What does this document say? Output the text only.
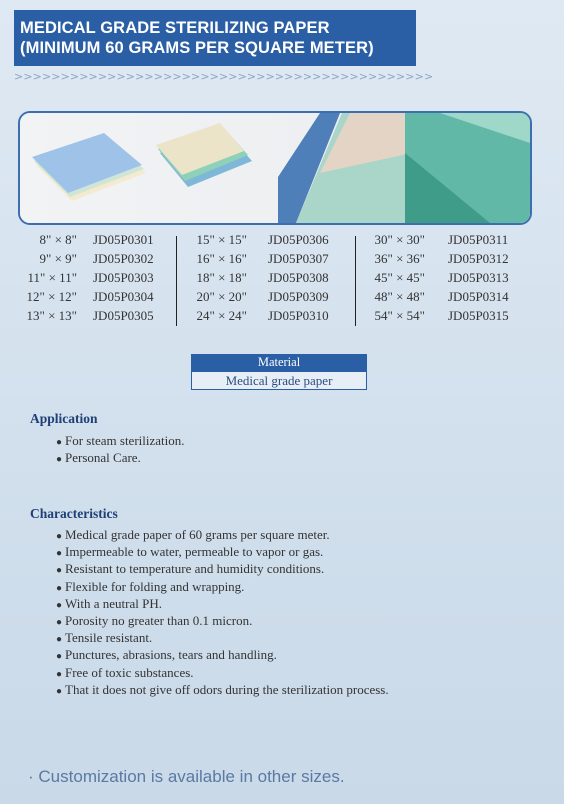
MEDICAL GRADE STERILIZING PAPER
(MINIMUM 60 GRAMS PER SQUARE METER)
>>>>>>>>>>>>>>>>>>>>>>>>>>>>>>>>>>>>>>>>>>>>>
8" × 8" JD05P0301
9" × 9" JD05P0302
11" × 11" JD05P0303
12" × 12" JD05P0304
13" × 13" JD05P0305
15" × 15" JD05P0306
16" × 16" JD05P0307
18" × 18" JD05P0308
20" × 20" JD05P0309
24" × 24" JD05P0310
30" × 30" JD05P0311
36" × 36" JD05P0312
45" × 45" JD05P0313
48" × 48" JD05P0314
54" × 54" JD05P0315
Material
Medical grade paper
Application
● For steam sterilization.
● Personal Care.
Characteristics
● Medical grade paper of 60 grams per square meter.
● Impermeable to water, permeable to vapor or gas.
● Resistant to temperature and humidity conditions.
● Flexible for folding and wrapping.
● With a neutral PH.
● Porosity no greater than 0.1 micron.
● Tensile resistant.
● Punctures, abrasions, tears and handling.
● Free of toxic substances.
● That it does not give off odors during the sterilization process.
· Customization is available in other sizes.
